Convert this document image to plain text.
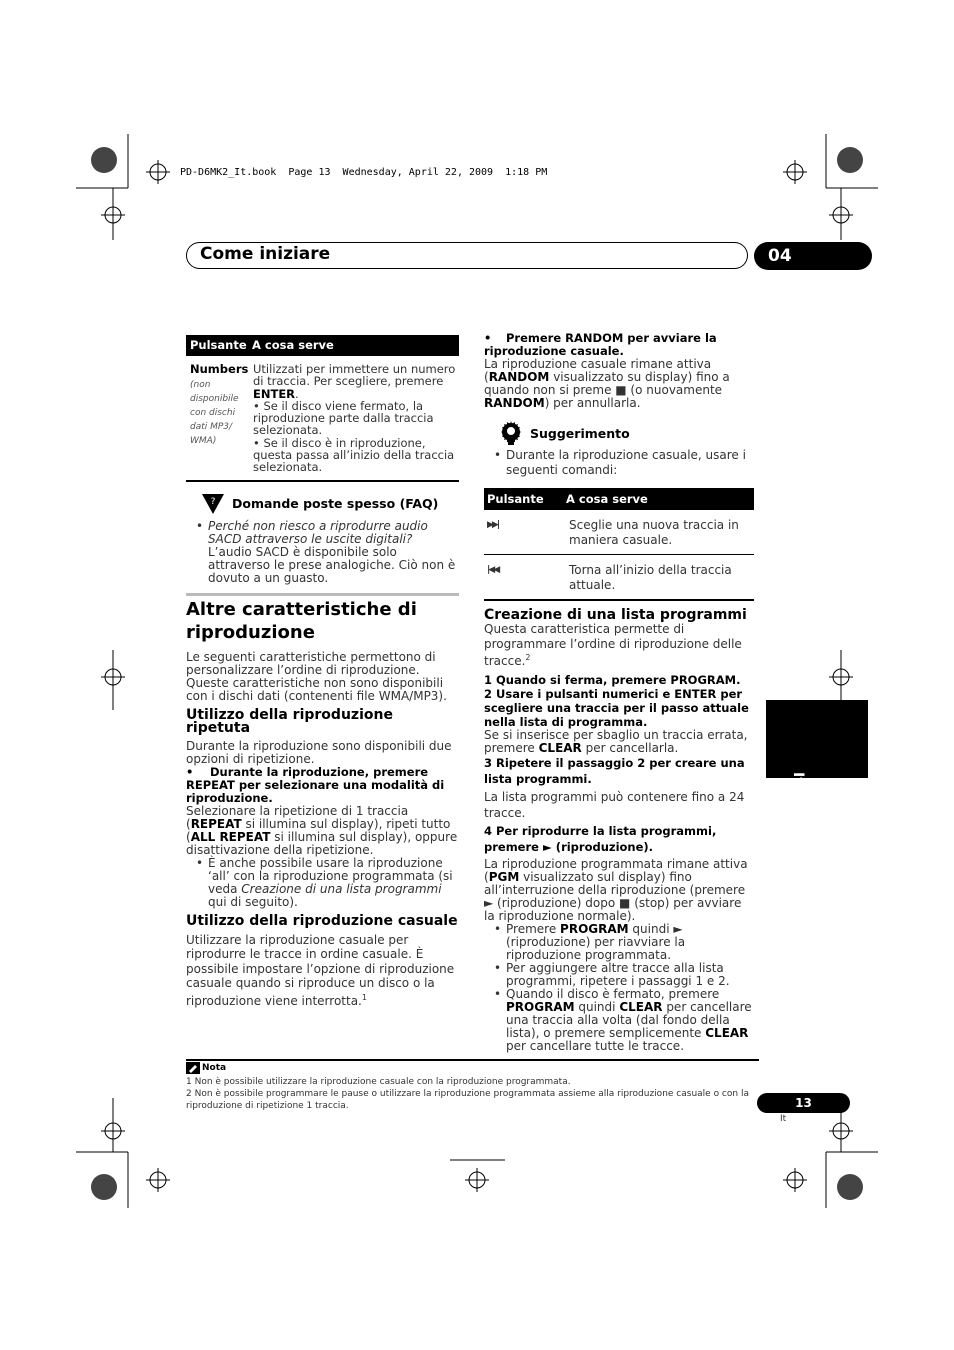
PD-D6MK2_It.book  Page 13  Wednesday, April 22, 2009  1:18 PM
Come iniziare	04
Pulsante A cosa serve
Numbers
(non disponibile con dischi dati MP3/ WMA)
Utilizzati per immettere un numero di traccia. Per scegliere, premere ENTER.
• Se il disco viene fermato, la riproduzione parte dalla traccia selezionata.
• Se il disco è in riproduzione, questa passa all’inizio della traccia selezionata.
? Domande poste spesso (FAQ)
• Perché non riesco a riprodurre audio SACD attraverso le uscite digitali?
L’audio SACD è disponibile solo attraverso le prese analogiche. Ciò non è dovuto a un guasto.
Altre caratteristiche di riproduzione
Le seguenti caratteristiche permettono di personalizzare l’ordine di riproduzione. Queste caratteristiche non sono disponibili con i dischi dati (contenenti file WMA/MP3).
Utilizzo della riproduzione ripetuta
Durante la riproduzione sono disponibili due opzioni di ripetizione.
• Durante la riproduzione, premere REPEAT per selezionare una modalità di riproduzione.
Selezionare la ripetizione di 1 traccia (REPEAT si illumina sul display), ripeti tutto (ALL REPEAT si illumina sul display), oppure disattivazione della ripetizione.
• È anche possibile usare la riproduzione ‘all’ con la riproduzione programmata (si veda Creazione di una lista programmi qui di seguito).
Utilizzo della riproduzione casuale
Utilizzare la riproduzione casuale per riprodurre le tracce in ordine casuale. È possibile impostare l’opzione di riproduzione casuale quando si riproduce un disco o la riproduzione viene interrotta.$^1$
• Premere RANDOM per avviare la riproduzione casuale.
La riproduzione casuale rimane attiva (RANDOM visualizzato su display) fino a quando non si preme ■ (o nuovamente RANDOM) per annullarla.
Suggerimento
• Durante la riproduzione casuale, usare i seguenti comandi:
Pulsante A cosa serve
▶▶|	Sceglie una nuova traccia in maniera casuale.
|◀◀	Torna all’inizio della traccia attuale.
Creazione di una lista programmi
Questa caratteristica permette di programmare l’ordine di riproduzione delle tracce.$^2$
1 Quando si ferma, premere PROGRAM.
2 Usare i pulsanti numerici e ENTER per scegliere una traccia per il passo attuale nella lista di programma.
Se si inserisce per sbaglio un traccia errata, premere CLEAR per cancellarla.
3 Ripetere il passaggio 2 per creare una lista programmi.
La lista programmi può contenere fino a 24 tracce.
4 Per riprodurre la lista programmi, premere ► (riproduzione).
La riproduzione programmata rimane attiva (PGM visualizzato sul display) fino all’interruzione della riproduzione (premere ► (riproduzione) dopo ■ (stop) per avviare la riproduzione normale).
• Premere PROGRAM quindi ► (riproduzione) per riavviare la riproduzione programmata.
• Per aggiungere altre tracce alla lista programmi, ripetere i passaggi 1 e 2.
• Quando il disco è fermato, premere PROGRAM quindi CLEAR per cancellare una traccia alla volta (dal fondo della lista), o premere semplicemente CLEAR per cancellare tutte le tracce.
Italiano
Nota
1 Non è possibile utilizzare la riproduzione casuale con la riproduzione programmata.
2 Non è possibile programmare le pause o utilizzare la riproduzione programmata assieme alla riproduzione casuale o con la riproduzione di ripetizione 1 traccia.	13
It
